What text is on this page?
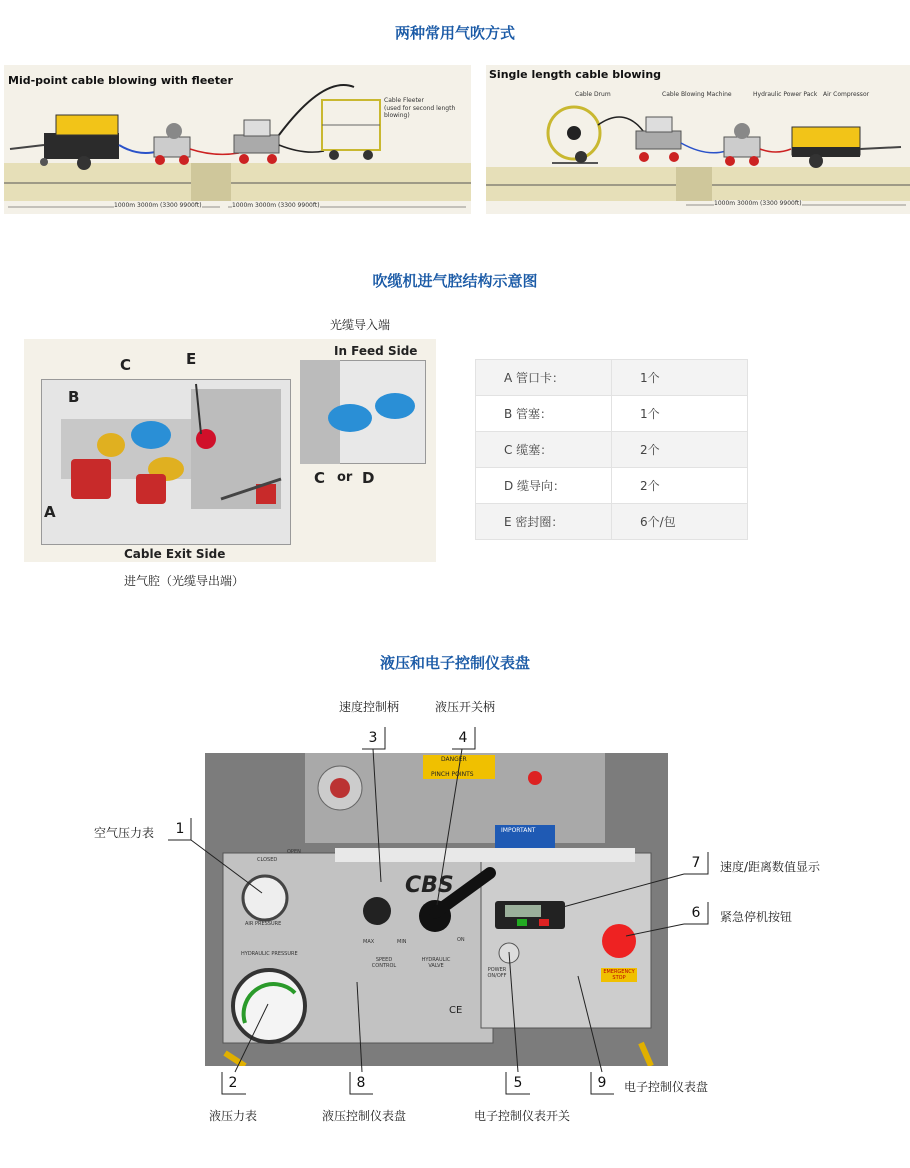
两种常用气吹方式
Mid-point cable blowing with fleeter
Cable Fleeter
(used for second length blowing)
1000m 3000m (3300 9900ft)	1000m 3000m (3300 9900ft)
Single length cable blowing
Cable Drum	Cable Blowing Machine	Hydraulic Power Pack Air Compressor
1000m 3000m (3300 9900ft)
吹缆机进气腔结构示意图
光缆导入端
B
C	E
A
Cable Exit Side
In Feed Side
C or D
进气腔（光缆导出端）
A 管口卡：	1个
B 管塞：	1个
C 缆塞：	2个
D 缆导向：	2个
E 密封圈：	6个/包
液压和电子控制仪表盘
CBS
DANGER
PINCH POINTS
IMPORTANT
AIR PRESSURE
HYDRAULIC PRESSURE
MAX	MIN
SPEED CONTROL
HYDRAULIC VALVE
ON
POWER ON/OFF
EMERGENCY STOP
OPEN
CLOSED
CE
3
速度控制柄
4
液压开关柄
1
空气压力表
7	速度/距离数值显示
6	紧急停机按钮
2
液压力表
8
液压控制仪表盘
5
电子控制仪表开关
9	电子控制仪表盘
